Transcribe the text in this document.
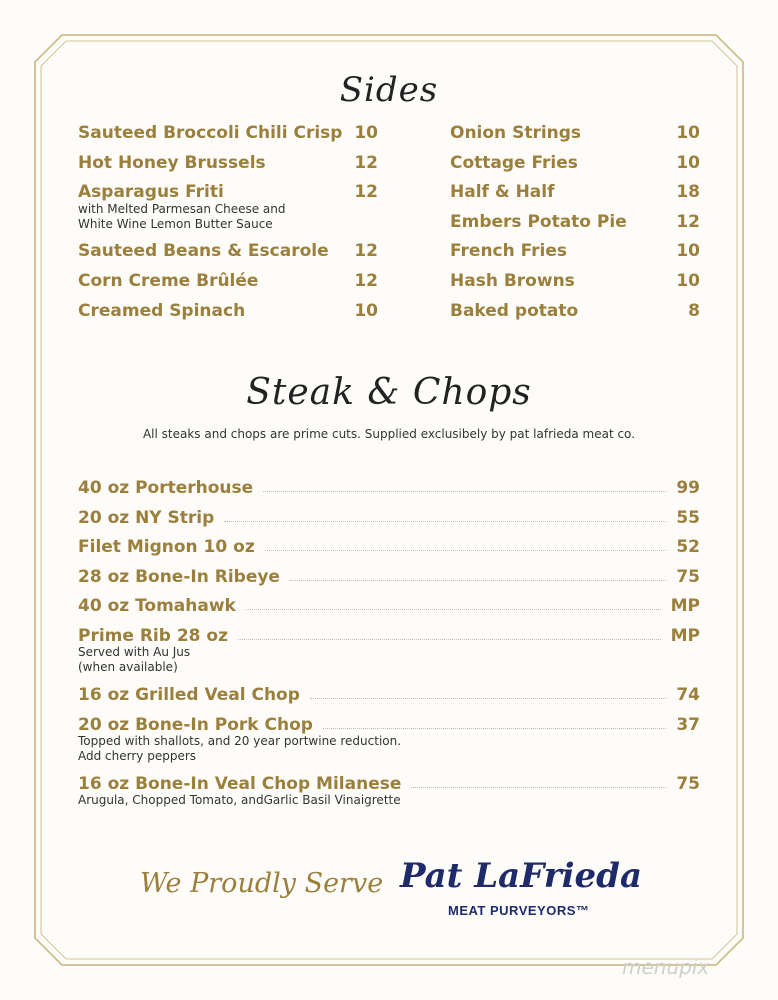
Sides
Sauteed Broccoli Chili Crisp 10
Hot Honey Brussels	12
Asparagus Friti	12
with Melted Parmesan Cheese and
White Wine Lemon Butter Sauce
Sauteed Beans & Escarole	12
Corn Creme Brûlée	12
Creamed Spinach	10
Onion Strings	10
Cottage Fries	10
Half & Half	18
Embers Potato Pie	12
French Fries	10
Hash Browns	10
Baked potato	8
Steak & Chops
All steaks and chops are prime cuts. Supplied exclusibely by pat lafrieda meat co.
40 oz Porterhouse	99
20 oz NY Strip	55
Filet Mignon 10 oz	52
28 oz Bone-In Ribeye	75
40 oz Tomahawk	MP
Prime Rib 28 oz	MP
Served with Au Jus
(when available)
16 oz Grilled Veal Chop	74
20 oz Bone-In Pork Chop	37
Topped with shallots, and 20 year portwine reduction.
Add cherry peppers
16 oz Bone-In Veal Chop Milanese	75
Arugula, Chopped Tomato, andGarlic Basil Vinaigrette
We Proudly Serve Pat LaFrieda
MEAT PURVEYORS™
menupix
